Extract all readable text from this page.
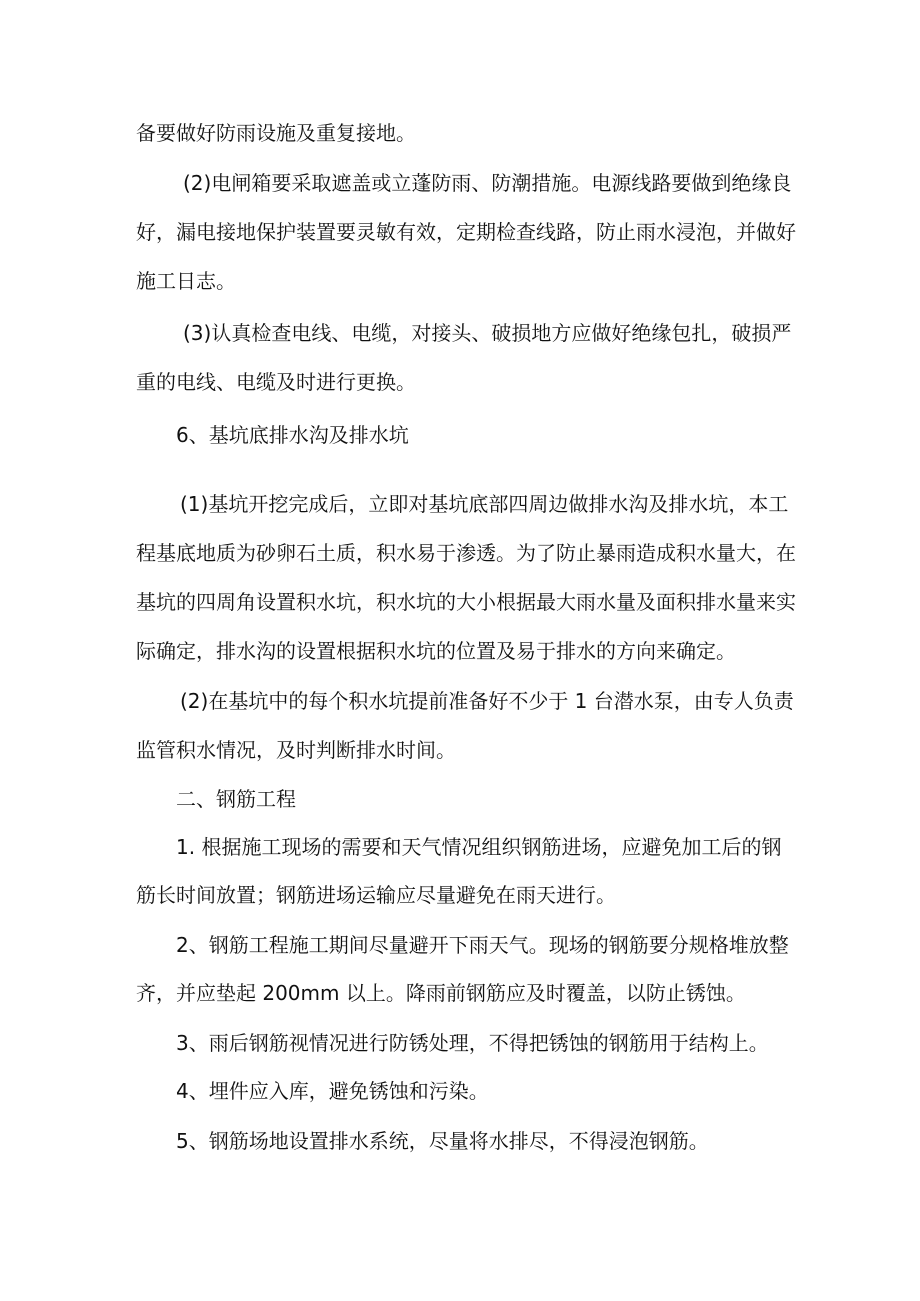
备要做好防雨设施及重复接地。

(2)电闸箱要采取遮盖或立蓬防雨、防潮措施。电源线路要做到绝缘良

好，漏电接地保护装置要灵敏有效，定期检查线路，防止雨水浸泡，并做好

施工日志。

(3)认真检查电线、电缆，对接头、破损地方应做好绝缘包扎，破损严

重的电线、电缆及时进行更换。

6、基坑底排水沟及排水坑

(1)基坑开挖完成后，立即对基坑底部四周边做排水沟及排水坑，本工

程基底地质为砂卵石土质，积水易于渗透。为了防止暴雨造成积水量大，在

基坑的四周角设置积水坑，积水坑的大小根据最大雨水量及面积排水量来实

际确定，排水沟的设置根据积水坑的位置及易于排水的方向来确定。

(2)在基坑中的每个积水坑提前准备好不少于 1 台潜水泵，由专人负责

监管积水情况，及时判断排水时间。

二、钢筋工程

1. 根据施工现场的需要和天气情况组织钢筋进场，应避免加工后的钢

筋长时间放置；钢筋进场运输应尽量避免在雨天进行。

2、钢筋工程施工期间尽量避开下雨天气。现场的钢筋要分规格堆放整

齐，并应垫起 200mm 以上。降雨前钢筋应及时覆盖，以防止锈蚀。

3、雨后钢筋视情况进行防锈处理，不得把锈蚀的钢筋用于结构上。

4、埋件应入库，避免锈蚀和污染。

5、钢筋场地设置排水系统，尽量将水排尽，不得浸泡钢筋。
